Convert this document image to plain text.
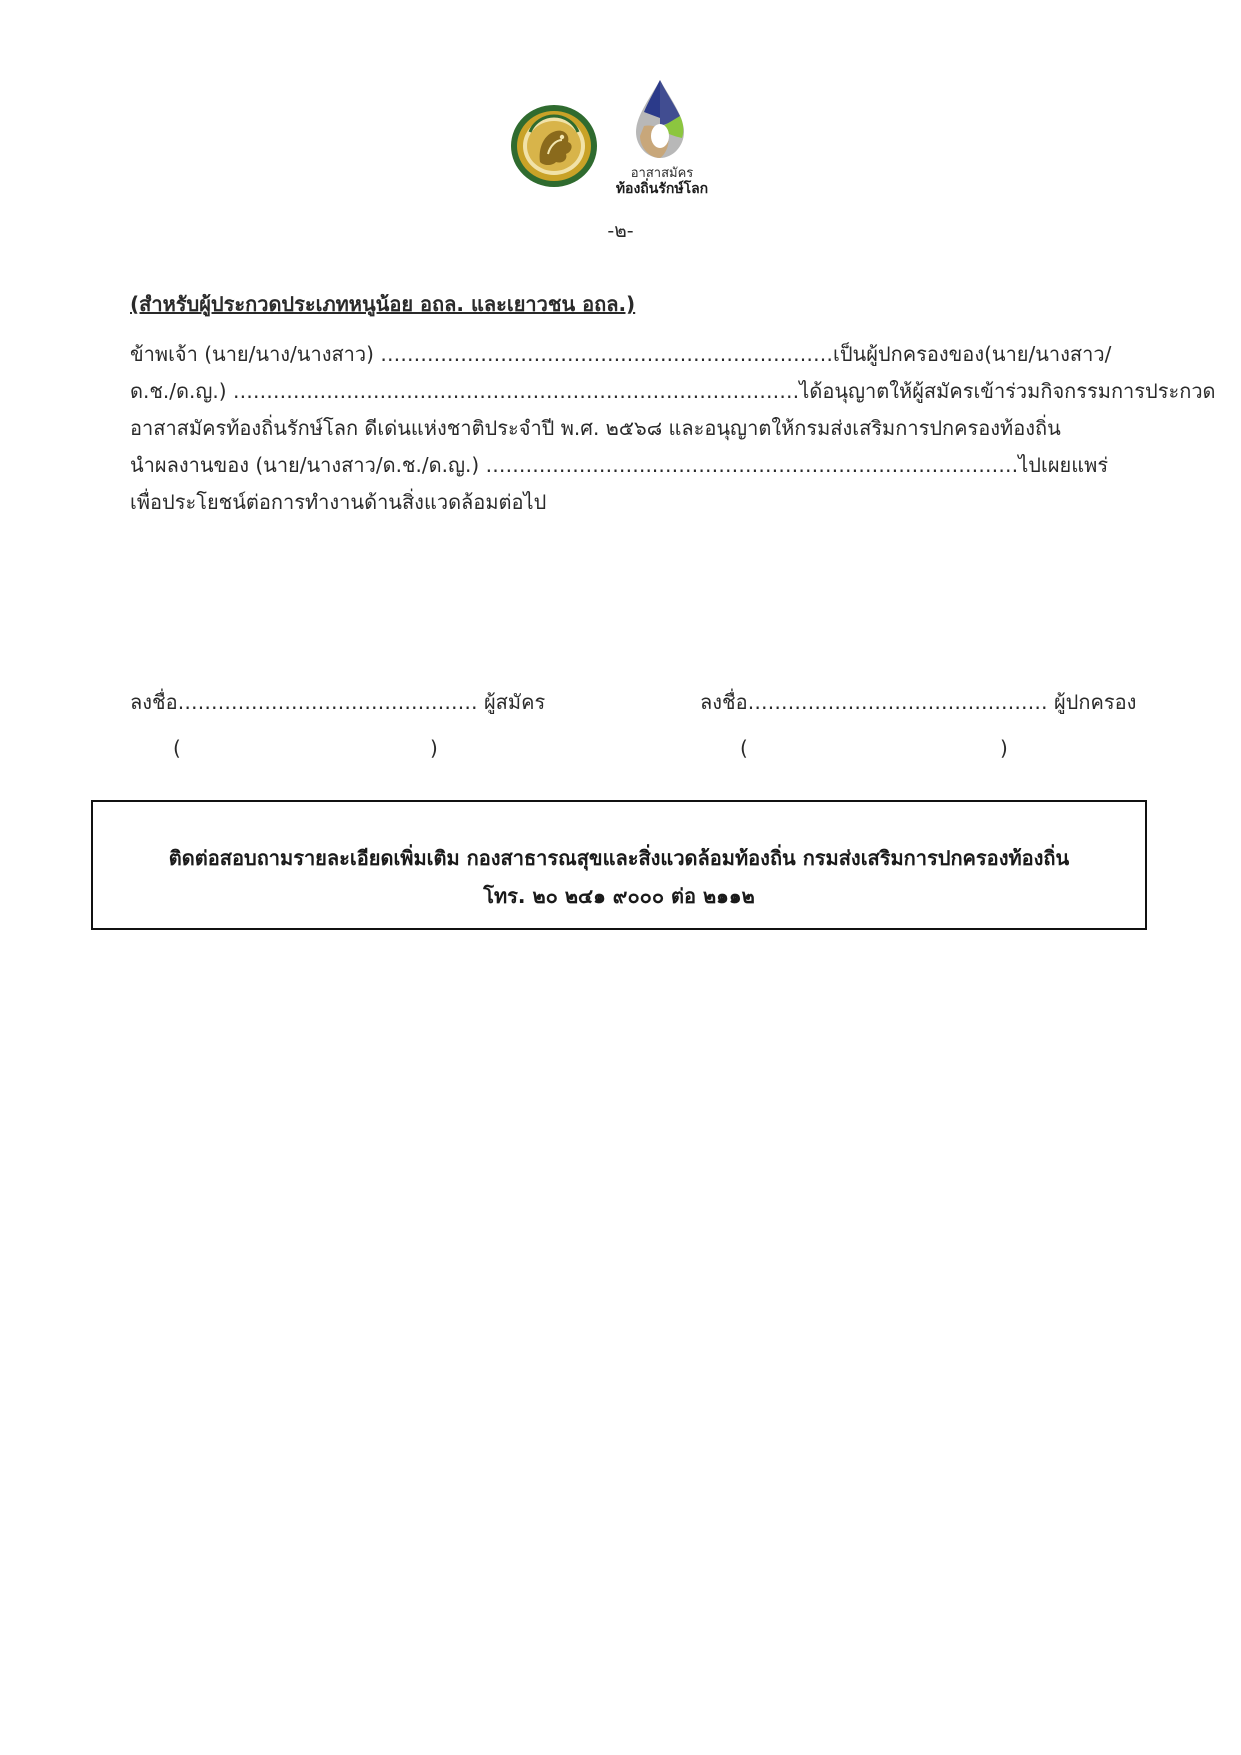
อาสาสมัคร
ท้องถิ่นรักษ์โลก
-๒-
(สำหรับผู้ประกวดประเภทหนูน้อย อถล. และเยาวชน อถล.)
ข้าพเจ้า (นาย/นาง/นางสาว) ……………………………….…….……………………เป็นผู้ปกครองของ (นาย/นางสาว/
ด.ช./ด.ญ.) …………………………….……………………………………………ได้อนุญาตให้ผู้สมัครเข้าร่วมกิจกรรมการประกวด
อาสาสมัครท้องถิ่นรักษ์โลก ดีเด่นแห่งชาติประจำปี พ.ศ. ๒๕๖๘ และอนุญาตให้กรมส่งเสริมการปกครองท้องถิ่น
นำผลงานของ (นาย/นางสาว/ด.ช./ด.ญ.) ……………………..……………………………………………… ไปเผยแพร่
เพื่อประโยชน์ต่อการทำงานด้านสิ่งแวดล้อมต่อไป
ลงชื่อ……………………………………… ผู้สมัคร	ลงชื่อ……………………………………… ผู้ปกครอง
(	)	(	)
ติดต่อสอบถามรายละเอียดเพิ่มเติม กองสาธารณสุขและสิ่งแวดล้อมท้องถิ่น กรมส่งเสริมการปกครองท้องถิ่น
โทร. ๒๐ ๒๔๑ ๙๐๐๐ ต่อ ๒๑๑๒
